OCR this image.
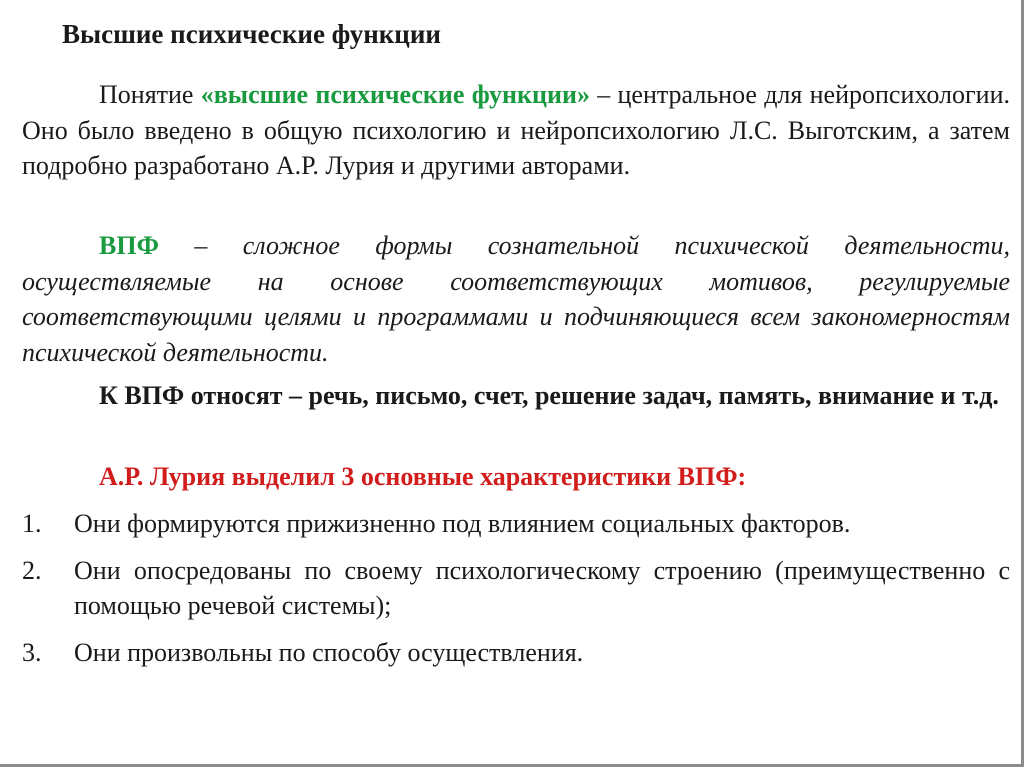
Высшие психические функции

Понятие «высшие психические функции» – центральное для нейропсихологии. Оно было введено в общую психологию и нейропсихологию Л.С. Выготским, а затем подробно разработано А.Р. Лурия и другими авторами.

ВПФ – сложное формы сознательной психической деятельности, осуществляемые на основе соответствующих мотивов, регулируемые соответствующими целями и программами и подчиняющиеся всем закономерностям психической деятельности.

К ВПФ относят – речь, письмо, счет, решение задач, память, внимание и т.д.

А.Р. Лурия выделил 3 основные характеристики ВПФ:
1. Они формируются прижизненно под влиянием социальных факторов.
2. Они опосредованы по своему психологическому строению (преимущественно с помощью речевой системы);
3. Они произвольны по способу осуществления.
